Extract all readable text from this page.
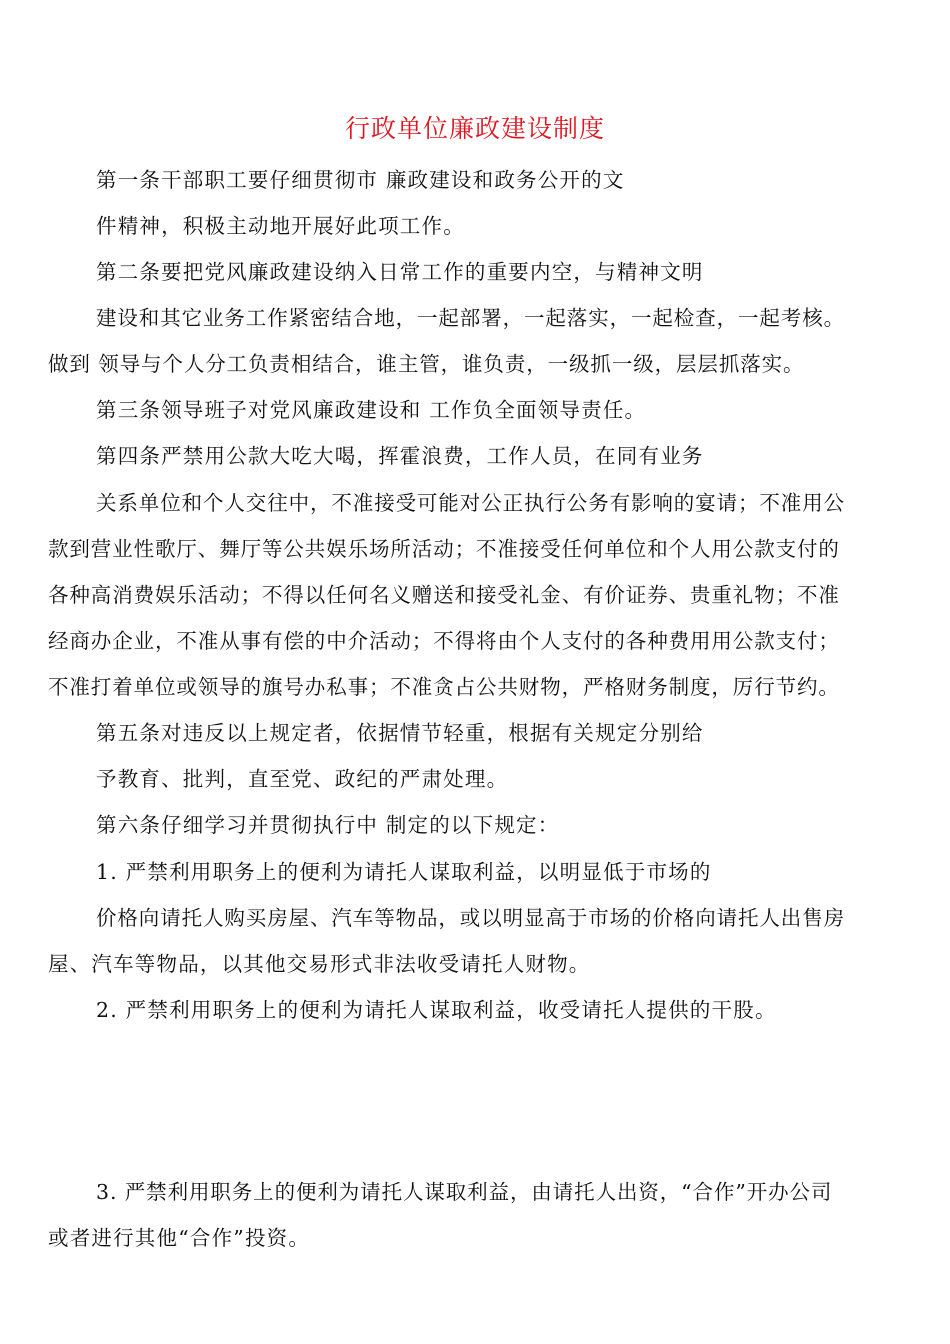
行政单位廉政建设制度
第一条干部职工要仔细贯彻市 廉政建设和政务公开的文
件精神，积极主动地开展好此项工作。
第二条要把党风廉政建设纳入日常工作的重要内空，与精神文明
建设和其它业务工作紧密结合地，一起部署，一起落实，一起检查，一起考核。
做到 领导与个人分工负责相结合，谁主管，谁负责，一级抓一级，层层抓落实。
第三条领导班子对党风廉政建设和 工作负全面领导责任。
第四条严禁用公款大吃大喝，挥霍浪费，工作人员，在同有业务
关系单位和个人交往中，不准接受可能对公正执行公务有影响的宴请；不准用公
款到营业性歌厅、舞厅等公共娱乐场所活动；不准接受任何单位和个人用公款支付的
各种高消费娱乐活动；不得以任何名义赠送和接受礼金、有价证券、贵重礼物；不准
经商办企业，不准从事有偿的中介活动；不得将由个人支付的各种费用用公款支付；
不准打着单位或领导的旗号办私事；不准贪占公共财物，严格财务制度，厉行节约。
第五条对违反以上规定者，依据情节轻重，根据有关规定分别给
予教育、批判，直至党、政纪的严肃处理。
第六条仔细学习并贯彻执行中 制定的以下规定：
1. 严禁利用职务上的便利为请托人谋取利益，以明显低于市场的
价格向请托人购买房屋、汽车等物品，或以明显高于市场的价格向请托人出售房
屋、汽车等物品，以其他交易形式非法收受请托人财物。
2. 严禁利用职务上的便利为请托人谋取利益，收受请托人提供的干股。
3. 严禁利用职务上的便利为请托人谋取利益，由请托人出资，“合作”开办公司
或者进行其他“合作”投资。
